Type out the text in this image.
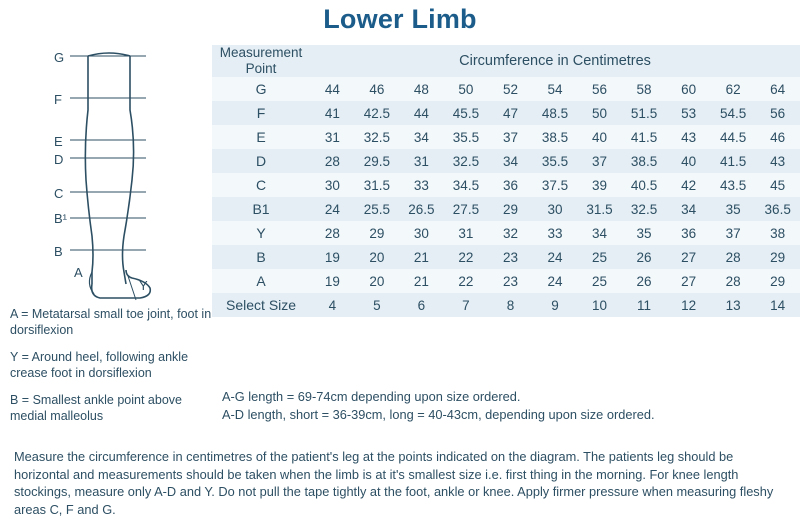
Lower Limb
G
F
E
D
C
B¹
B
A
Y

A = Metatarsal small toe joint, foot in dorsiflexion

Y = Around heel, following ankle crease foot in dorsiflexion

B = Smallest ankle point above medial malleolus

Measurement
Point	Circumference in Centimetres										
G	44	46	48	50	52	54	56	58	60	62	64
F	41	42.5	44	45.5	47	48.5	50	51.5	53	54.5	56
E	31	32.5	34	35.5	37	38.5	40	41.5	43	44.5	46
D	28	29.5	31	32.5	34	35.5	37	38.5	40	41.5	43
C	30	31.5	33	34.5	36	37.5	39	40.5	42	43.5	45
B1	24	25.5	26.5	27.5	29	30	31.5	32.5	34	35	36.5
Y	28	29	30	31	32	33	34	35	36	37	38
B	19	20	21	22	23	24	25	26	27	28	29
A	19	20	21	22	23	24	25	26	27	28	29
Select Size	4	5	6	7	8	9	10	11	12	13	14
A-G length = 69-74cm depending upon size ordered.
A-D length, short = 36-39cm, long = 40-43cm, depending upon size ordered.
Measure the circumference in centimetres of the patient's leg at the points indicated on the diagram. The patients leg should be horizontal and measurements should be taken when the limb is at it's smallest size i.e. first thing in the morning. For knee length stockings, measure only A-D and Y. Do not pull the tape tightly at the foot, ankle or knee. Apply firmer pressure when measuring fleshy areas C, F and G.
